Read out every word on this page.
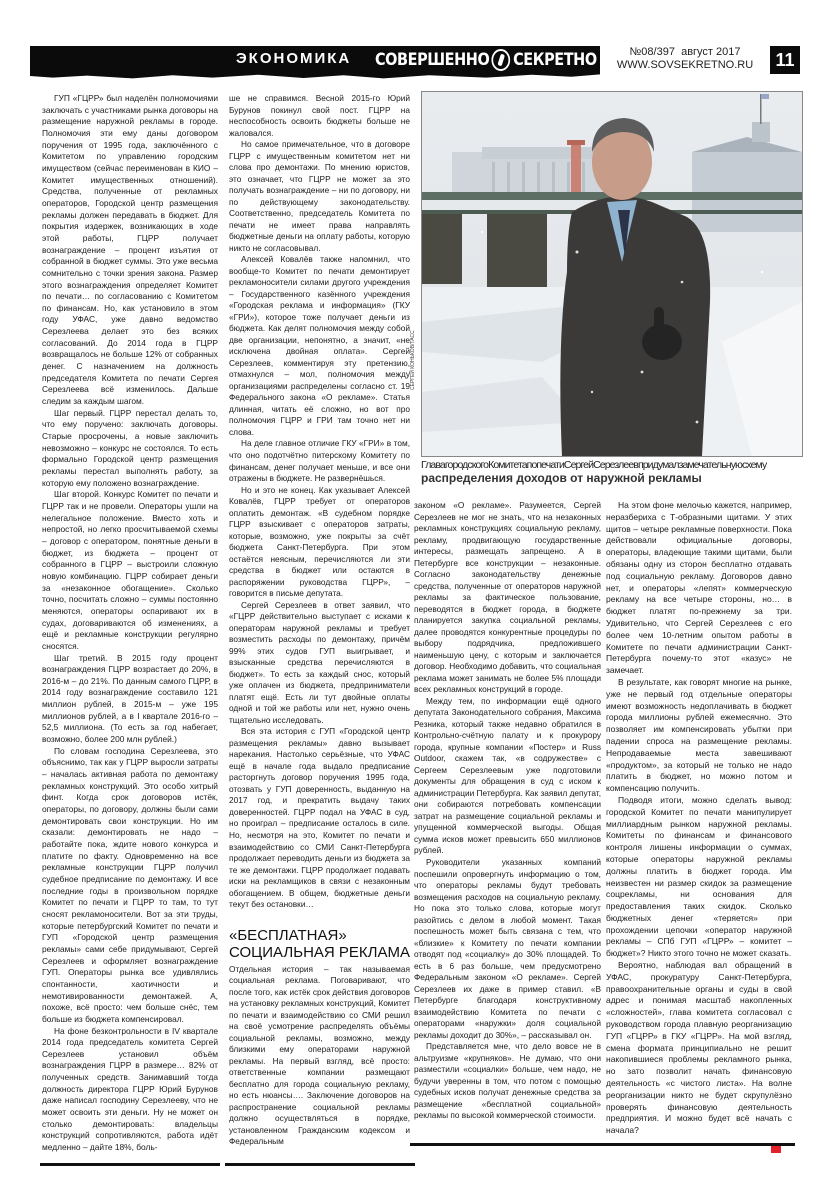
ЭКОНОМИКА СОВЕРШЕННО СЕКРЕТНО	№08/397 август 2017
WWW.SOVSEKRETNO.RU	11

ГУП «ГЦРР» был наделён полномочиями заключать с участниками рынка договоры на размещение наружной рекламы в городе. Полномочия эти ему даны договором поручения от 1995 года, заключённого с Комитетом по управлению городским имуществом (сейчас переименован в КИО – Комитет имущественных отношений). Средства, полученные от рекламных операторов, Городской центр размещения рекламы должен передавать в бюджет. Для покрытия издержек, возникающих в ходе этой работы, ГЦРР получает вознаграждение – процент изъятия от собранной в бюджет суммы. Это уже весьма сомнительно с точки зрения закона. Размер этого вознаграждения определяет Комитет по печати… по согласованию с Комитетом по финансам. Но, как установило в этом году УФАС, уже давно ведомство Серезлеева делает это без всяких согласований. До 2014 года в ГЦРР возвращалось не больше 12% от собранных денег. С назначением на должность председателя Комитета по печати Сергея Серезлеева всё изменилось. Дальше следим за каждым шагом.

Шаг первый. ГЦРР перестал делать то, что ему поручено: заключать договоры. Старые просрочены, а новые заключить невозможно – конкурс не состоялся. То есть формально Городской центр размещения рекламы перестал выполнять работу, за которую ему положено вознаграждение.

Шаг второй. Конкурс Комитет по печати и ГЦРР так и не провели. Операторы ушли на нелегальное положение. Вместо хоть и непростой, но легко просчитываемой схемы – договор с оператором, понятные деньги в бюджет, из бюджета – процент от собранного в ГЦРР – выстроили сложную новую комбинацию. ГЦРР собирает деньги за «незаконное обогащение». Сколько точно, посчитать сложно – суммы постоянно меняются, операторы оспаривают их в судах, договариваются об изменениях, а ещё и рекламные конструкции регулярно сносятся.

Шаг третий. В 2015 году процент вознаграждения ГЦРР возрастает до 20%, в 2016-м – до 21%. По данным самого ГЦРР, в 2014 году вознаграждение составило 121 миллион рублей, в 2015-м – уже 195 миллионов рублей, а в I квартале 2016-го – 52,5 миллиона. (То есть за год набегает, возможно, более 200 млн рублей.)

По словам господина Серезлеева, это объяснимо, так как у ГЦРР выросли затраты – началась активная работа по демонтажу рекламных конструкций. Это особо хитрый финт. Когда срок договоров истёк, операторы, по договору, должны были сами демонтировать свои конструкции. Но им сказали: демонтировать не надо – работайте пока, ждите нового конкурса и платите по факту. Одновременно на все рекламные конструкции ГЦРР получил судебное предписание по демонтажу. И все последние годы в произвольном порядке Комитет по печати и ГЦРР то там, то тут сносят рекламоносители. Вот за эти труды, которые петербургский Комитет по печати и ГУП «Городской центр размещения рекламы» сами себе придумывают, Сергей Серезлеев и оформляет вознаграждение ГУП. Операторы рынка все удивлялись спонтанности, хаотичности и немотивированности демонтажей. А, похоже, всё просто: чем больше снёс, тем больше из бюджета компенсировал.

На фоне безконтрольности в IV квартале 2014 года председатель комитета Сергей Серезлеев установил объём вознаграждения ГЦРР в размере… 82% от полученных средств. Занимавший тогда должность директора ГЦРР Юрий Бурунов даже написал господину Серезлееву, что не может освоить эти деньги. Ну не может он столько демонтировать: владельцы конструкций сопротивляются, работа идёт медленно – дайте 18%, боль-

ше не справимся. Весной 2015-го Юрий Бурунов покинул свой пост. ГЦРР на неспособность освоить бюджеты больше не жаловался.

Но самое примечательное, что в договоре ГЦРР с имущественным комитетом нет ни слова про демонтажи. По мнению юристов, это означает, что ГЦРР не может за это получать вознаграждение – ни по договору, ни по действующему законодательству. Соответственно, председатель Комитета по печати не имеет права направлять бюджетные деньги на оплату работы, которую никто не согласовывал.

Алексей Ковалёв также напомнил, что вообще-то Комитет по печати демонтирует рекламоносители силами другого учреждения – Государственного казённого учреждения «Городская реклама и информация» (ГКУ «ГРИ»), которое тоже получает деньги из бюджета. Как делят полномочия между собой две организации, непонятно, а значит, «не исключена двойная оплата». Сергей Серезлеев, комментируя эту претензию, отмахнулся – мол, полномочия между организациями распределены согласно ст. 19 Федерального закона «О рекламе». Статья длинная, читать её сложно, но вот про полномочия ГЦРР и ГРИ там точно нет ни слова.

На деле главное отличие ГКУ «ГРИ» в том, что оно подотчётно питерскому Комитету по финансам, денег получает меньше, и все они отражены в бюджете. Не развернёшься.

Но и это не конец. Как указывает Алексей Ковалёв, ГЦРР требует от операторов оплатить демонтаж. «В судебном порядке ГЦРР взыскивает с операторов затраты, которые, возможно, уже покрыты за счёт бюджета Санкт-Петербурга. При этом остаётся неясным, перечисляются ли эти средства в бюджет или остаются в распоряжении руководства ГЦРР», – говорится в письме депутата.

Сергей Серезлеев в ответ заявил, что «ГЦРР действительно выступает с исками к операторам наружной рекламы и требует возместить расходы по демонтажу, причём 99% этих судов ГУП выигрывает, и взысканные средства перечисляются в бюджет». То есть за каждый снос, который уже оплачен из бюджета, предприниматели платят ещё. Есть ли тут двойные оплаты одной и той же работы или нет, нужно очень тщательно исследовать.

Вся эта история с ГУП «Городской центр размещения рекламы» давно вызывает нарекания. Настолько серьёзные, что УФАС ещё в начале года выдало предписание расторгнуть договор поручения 1995 года, отозвать у ГУП доверенность, выданную на 2017 год, и прекратить выдачу таких доверенностей. ГЦРР подал на УФАС в суд, но проиграл – предписание осталось в силе. Но, несмотря на это, Комитет по печати и взаимодействию со СМИ Санкт-Петербурга продолжает переводить деньги из бюджета за те же демонтажи. ГЦРР продолжает подавать иски на рекламщиков в связи с незаконным обогащением. В общем, бюджетные деньги текут без остановки…

«БЕСПЛАТНАЯ» СОЦИАЛЬНАЯ РЕКЛАМА

Отдельная история – так называемая социальная реклама. Поговаривают, что после того, как истёк срок действия договоров на установку рекламных конструкций, Комитет по печати и взаимодействию со СМИ решил на своё усмотрение распределять объёмы социальной рекламы, возможно, между близкими ему операторами наружной рекламы. На первый взгляд, всё просто: ответственные компании размещают бесплатно для города социальную рекламу, но есть нюансы…. Заключение договоров на распространение социальной рекламы должно осуществляться в порядке, установленном Гражданским кодексом и Федеральным

СЕРГЕЙ КОНЬКОВ/ТАСС
ГлавагородскогоКомитетапопечатиСергейСерезлеевпридумалзамечательнуюсхему
распределения доходов от наружной рекламы

законом «О рекламе». Разумеется, Сергей Серезлеев не мог не знать, что на незаконных рекламных конструкциях социальную рекламу, рекламу, продвигающую государственные интересы, размещать запрещено. А в Петербурге все конструкции – незаконные. Согласно законодательству денежные средства, полученные от операторов наружной рекламы за фактическое пользование, переводятся в бюджет города, в бюджете планируется закупка социальной рекламы, далее проводятся конкурентные процедуры по выбору подрядчика, предложившего наименьшую цену, с которым и заключается договор. Необходимо добавить, что социальная реклама может занимать не более 5% площади всех рекламных конструкций в городе.

Между тем, по информации ещё одного депутата Законодательного собрания, Максима Резника, который также недавно обратился в Контрольно-счётную палату и к прокурору города, крупные компании «Постер» и Russ Outdoor, скажем так, «в содружестве» с Сергеем Серезлеевым уже подготовили документы для обращения в суд с иском к администрации Петербурга. Как заявил депутат, они собираются потребовать компенсации затрат на размещение социальной рекламы и упущенной коммерческой выгоды. Общая сумма исков может превысить 650 миллионов рублей.

Руководители указанных компаний поспешили опровергнуть информацию о том, что операторы рекламы будут требовать возмещения расходов на социальную рекламу. Но пока это только слова, которые могут разойтись с делом в любой момент. Такая поспешность может быть связана с тем, что «близкие» к Комитету по печати компании отводят под «социалку» до 30% площадей. То есть в 6 раз больше, чем предусмотрено Федеральным законом «О рекламе». Сергей Серезлеев их даже в пример ставил. «В Петербурге благодаря конструктивному взаимодействию Комитета по печати с операторами «наружки» доля социальной рекламы доходит до 30%», – рассказывал он.

Представляется мне, что дело вовсе не в альтруизме «крупняков». Не думаю, что они разместили «социалки» больше, чем надо, не будучи уверенны в том, что потом с помощью судебных исков получат денежные средства за размещение «бесплатной социальной» рекламы по высокой коммерческой стоимости.

На этом фоне мелочью кажется, например, неразбериха с Т-образными щитами. У этих щитов – четыре рекламные поверхности. Пока действовали официальные договоры, операторы, владеющие такими щитами, были обязаны одну из сторон бесплатно отдавать под социальную рекламу. Договоров давно нет, и операторы «лепят» коммерческую рекламу на все четыре стороны, но… в бюджет платят по-прежнему за три. Удивительно, что Сергей Серезлеев с его более чем 10-летним опытом работы в Комитете по печати администрации Санкт-Петербурга почему-то этот «казус» не замечает.

В результате, как говорят многие на рынке, уже не первый год отдельные операторы имеют возможность недоплачивать в бюджет города миллионы рублей ежемесячно. Это позволяет им компенсировать убытки при падении спроса на размещение рекламы. Непродаваемые места завешивают «продуктом», за который не только не надо платить в бюджет, но можно потом и компенсацию получить.

Подводя итоги, можно сделать вывод: городской Комитет по печати манипулирует миллиардным рынком наружной рекламы. Комитеты по финансам и финансового контроля лишены информации о суммах, которые операторы наружной рекламы должны платить в бюджет города. Им неизвестен ни размер скидок за размещение соцрекламы, ни основания для предоставления таких скидок. Сколько бюджетных денег «теряется» при прохождении цепочки «оператор наружной рекламы – СПб ГУП «ГЦРР» – комитет – бюджет»? Никто этого точно не может сказать.

Вероятно, наблюдая вал обращений в УФАС, прокуратуру Санкт-Петербурга, правоохранительные органы и суды в свой адрес и понимая масштаб накопленных «сложностей», глава комитета согласовал с руководством города плавную реорганизацию ГУП «ГЦРР» в ГКУ «ГЦРР». На мой взгляд, смена формата принципиально не решит накопившиеся проблемы рекламного рынка, но зато позволит начать финансовую деятельность «с чистого листа». На волне реорганизации никто не будет скрупулёзно проверять финансовую деятельность предприятия. И можно будет всё начать с начала?
